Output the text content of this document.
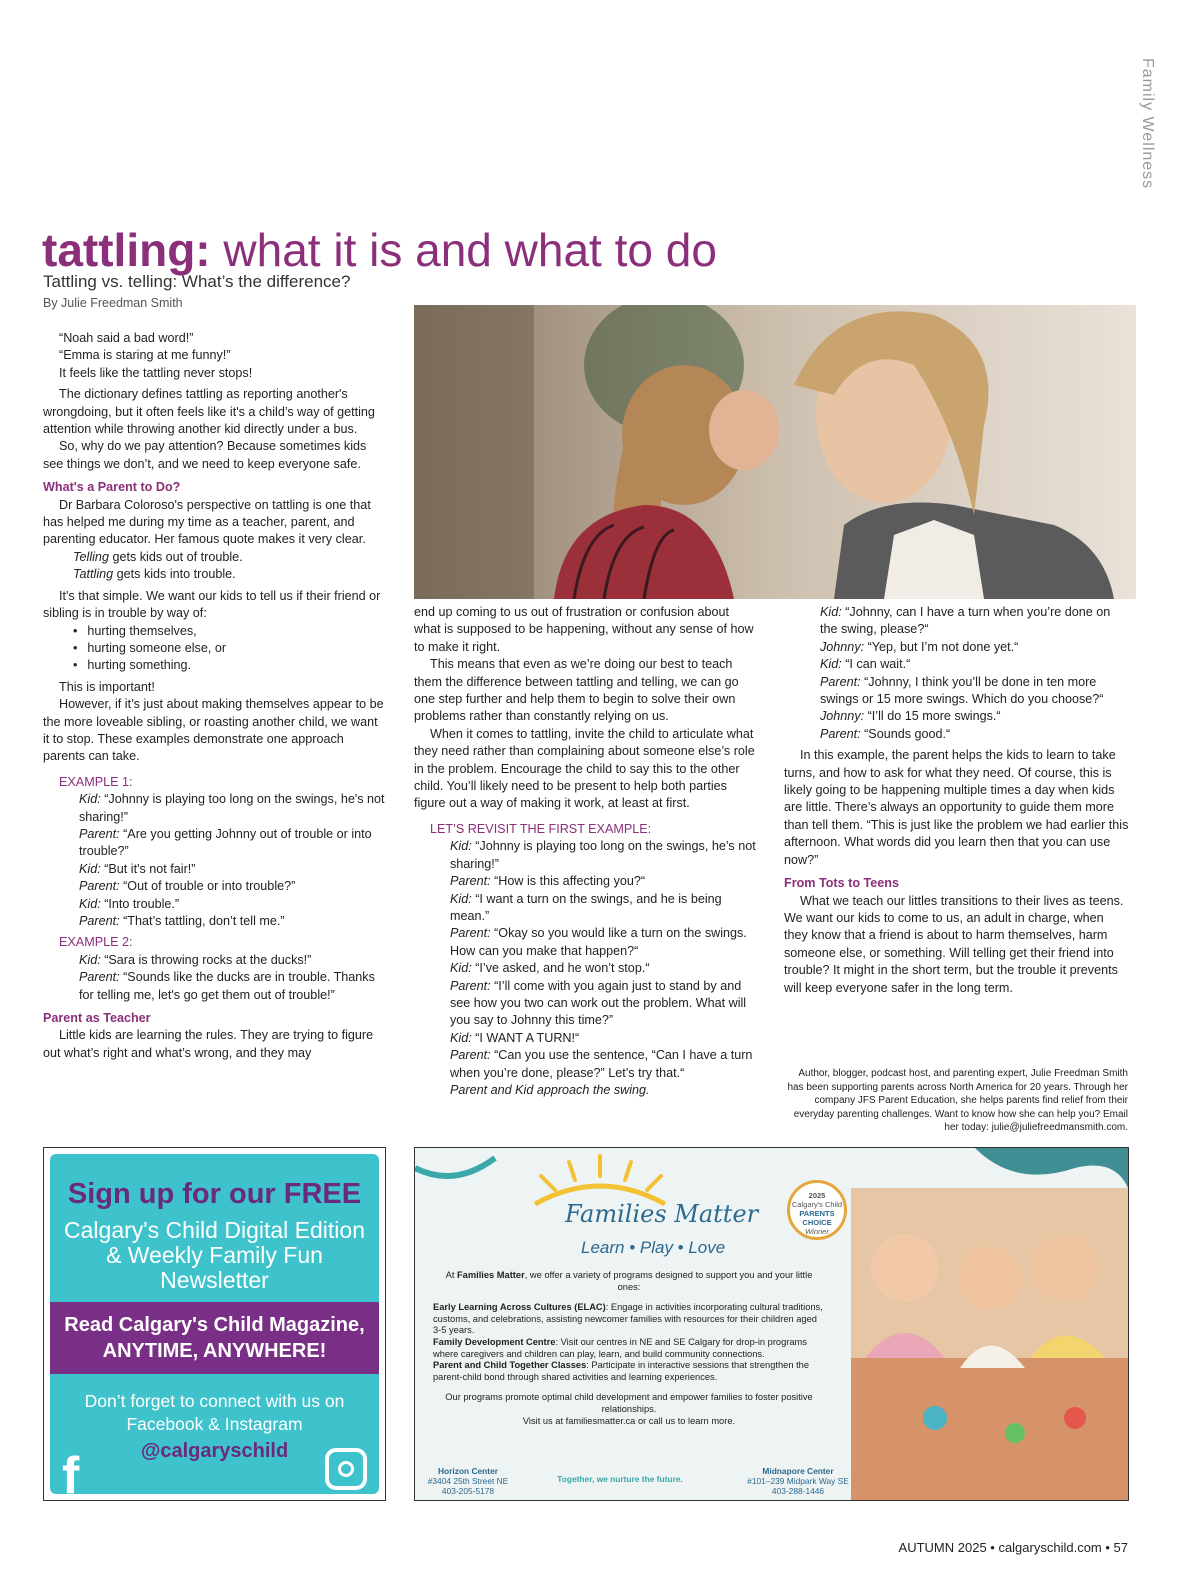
Family Wellness
tattling: what it is and what to do
Tattling vs. telling: What’s the difference?
By Julie Freedman Smith

“Noah said a bad word!”

“Emma is staring at me funny!”

It feels like the tattling never stops!

The dictionary defines tattling as reporting another's wrongdoing, but it often feels like it's a child’s way of getting attention while throwing another kid directly under a bus.

So, why do we pay attention? Because sometimes kids see things we don’t, and we need to keep everyone safe.

What's a Parent to Do?

Dr Barbara Coloroso's perspective on tattling is one that has helped me during my time as a teacher, parent, and parenting educator. Her famous quote makes it very clear.

Telling gets kids out of trouble.

Tattling gets kids into trouble.

It's that simple. We want our kids to tell us if their friend or sibling is in trouble by way of:

• hurting themselves,
• hurting someone else, or
• hurting something.

This is important!

However, if it’s just about making themselves appear to be the more loveable sibling, or roasting another child, we want it to stop. These examples demonstrate one approach parents can take.

EXAMPLE 1:

Kid: “Johnny is playing too long on the swings, he's not sharing!”

Parent: “Are you getting Johnny out of trouble or into trouble?”

Kid: “But it's not fair!”

Parent: “Out of trouble or into trouble?”

Kid: “Into trouble.”

Parent: “That’s tattling, don’t tell me.”

EXAMPLE 2:

Kid: “Sara is throwing rocks at the ducks!”

Parent: “Sounds like the ducks are in trouble. Thanks for telling me, let's go get them out of trouble!”

Parent as Teacher

Little kids are learning the rules. They are trying to figure out what’s right and what’s wrong, and they may

end up coming to us out of frustration or confusion about what is supposed to be happening, without any sense of how to make it right.

This means that even as we’re doing our best to teach them the difference between tattling and telling, we can go one step further and help them to begin to solve their own problems rather than constantly relying on us.

When it comes to tattling, invite the child to articulate what they need rather than complaining about someone else’s role in the problem. Encourage the child to say this to the other child. You’ll likely need to be present to help both parties figure out a way of making it work, at least at first.

LET’S REVISIT THE FIRST EXAMPLE:

Kid: “Johnny is playing too long on the swings, he’s not sharing!”

Parent: “How is this affecting you?“

Kid: “I want a turn on the swings, and he is being mean.”

Parent: “Okay so you would like a turn on the swings. How can you make that happen?“

Kid: “I’ve asked, and he won’t stop.“

Parent: “I’ll come with you again just to stand by and see how you two can work out the problem. What will you say to Johnny this time?”

Kid: “I WANT A TURN!“

Parent: “Can you use the sentence, “Can I have a turn when you’re done, please?” Let’s try that.“

Parent and Kid approach the swing.

Kid: “Johnny, can I have a turn when you’re done on the swing, please?“

Johnny: “Yep, but I’m not done yet.“

Kid: “I can wait.“

Parent: “Johnny, I think you’ll be done in ten more swings or 15 more swings. Which do you choose?“

Johnny: “I’ll do 15 more swings.“

Parent: “Sounds good.“

In this example, the parent helps the kids to learn to take turns, and how to ask for what they need. Of course, this is likely going to be happening multiple times a day when kids are little. There’s always an opportunity to guide them more than tell them. “This is just like the problem we had earlier this afternoon. What words did you learn then that you can use now?”

From Tots to Teens

What we teach our littles transitions to their lives as teens. We want our kids to come to us, an adult in charge, when they know that a friend is about to harm themselves, harm someone else, or something. Will telling get their friend into trouble? It might in the short term, but the trouble it prevents will keep everyone safer in the long term.

Author, blogger, podcast host, and parenting expert, Julie Freedman Smith has been supporting parents across North America for 20 years. Through her company JFS Parent Education, she helps parents find relief from their everyday parenting challenges. Want to know how she can help you? Email her today: julie@juliefreedmansmith.com.
Sign up for our FREE
Calgary's Child Digital Edition & Weekly Family Fun Newsletter
Read Calgary's Child Magazine, ANYTIME, ANYWHERE!
Don’t forget to connect with us on Facebook & Instagram
@calgaryschild
f
Families Matter
Learn • Play • Love
2025
Calgary's Child
PARENTS CHOICE
Winner

At Families Matter, we offer a variety of programs designed to support you and your little ones:

Early Learning Across Cultures (ELAC): Engage in activities incorporating cultural traditions, customs, and celebrations, assisting newcomer families with resources for their children aged 3-5 years.

Family Development Centre: Visit our centres in NE and SE Calgary for drop-in programs where caregivers and children can play, learn, and build community connections.

Parent and Child Together Classes: Participate in interactive sessions that strengthen the parent-child bond through shared activities and learning experiences.

Our programs promote optimal child development and empower families to foster positive relationships.

Visit us at familiesmatter.ca or call us to learn more.

Horizon Center
#3404 25th Street NE
403-205-5178
Together, we nurture the future.
Midnapore Center
#101–239 Midpark Way SE
403-288-1446
AUTUMN 2025 • calgaryschild.com • 57
